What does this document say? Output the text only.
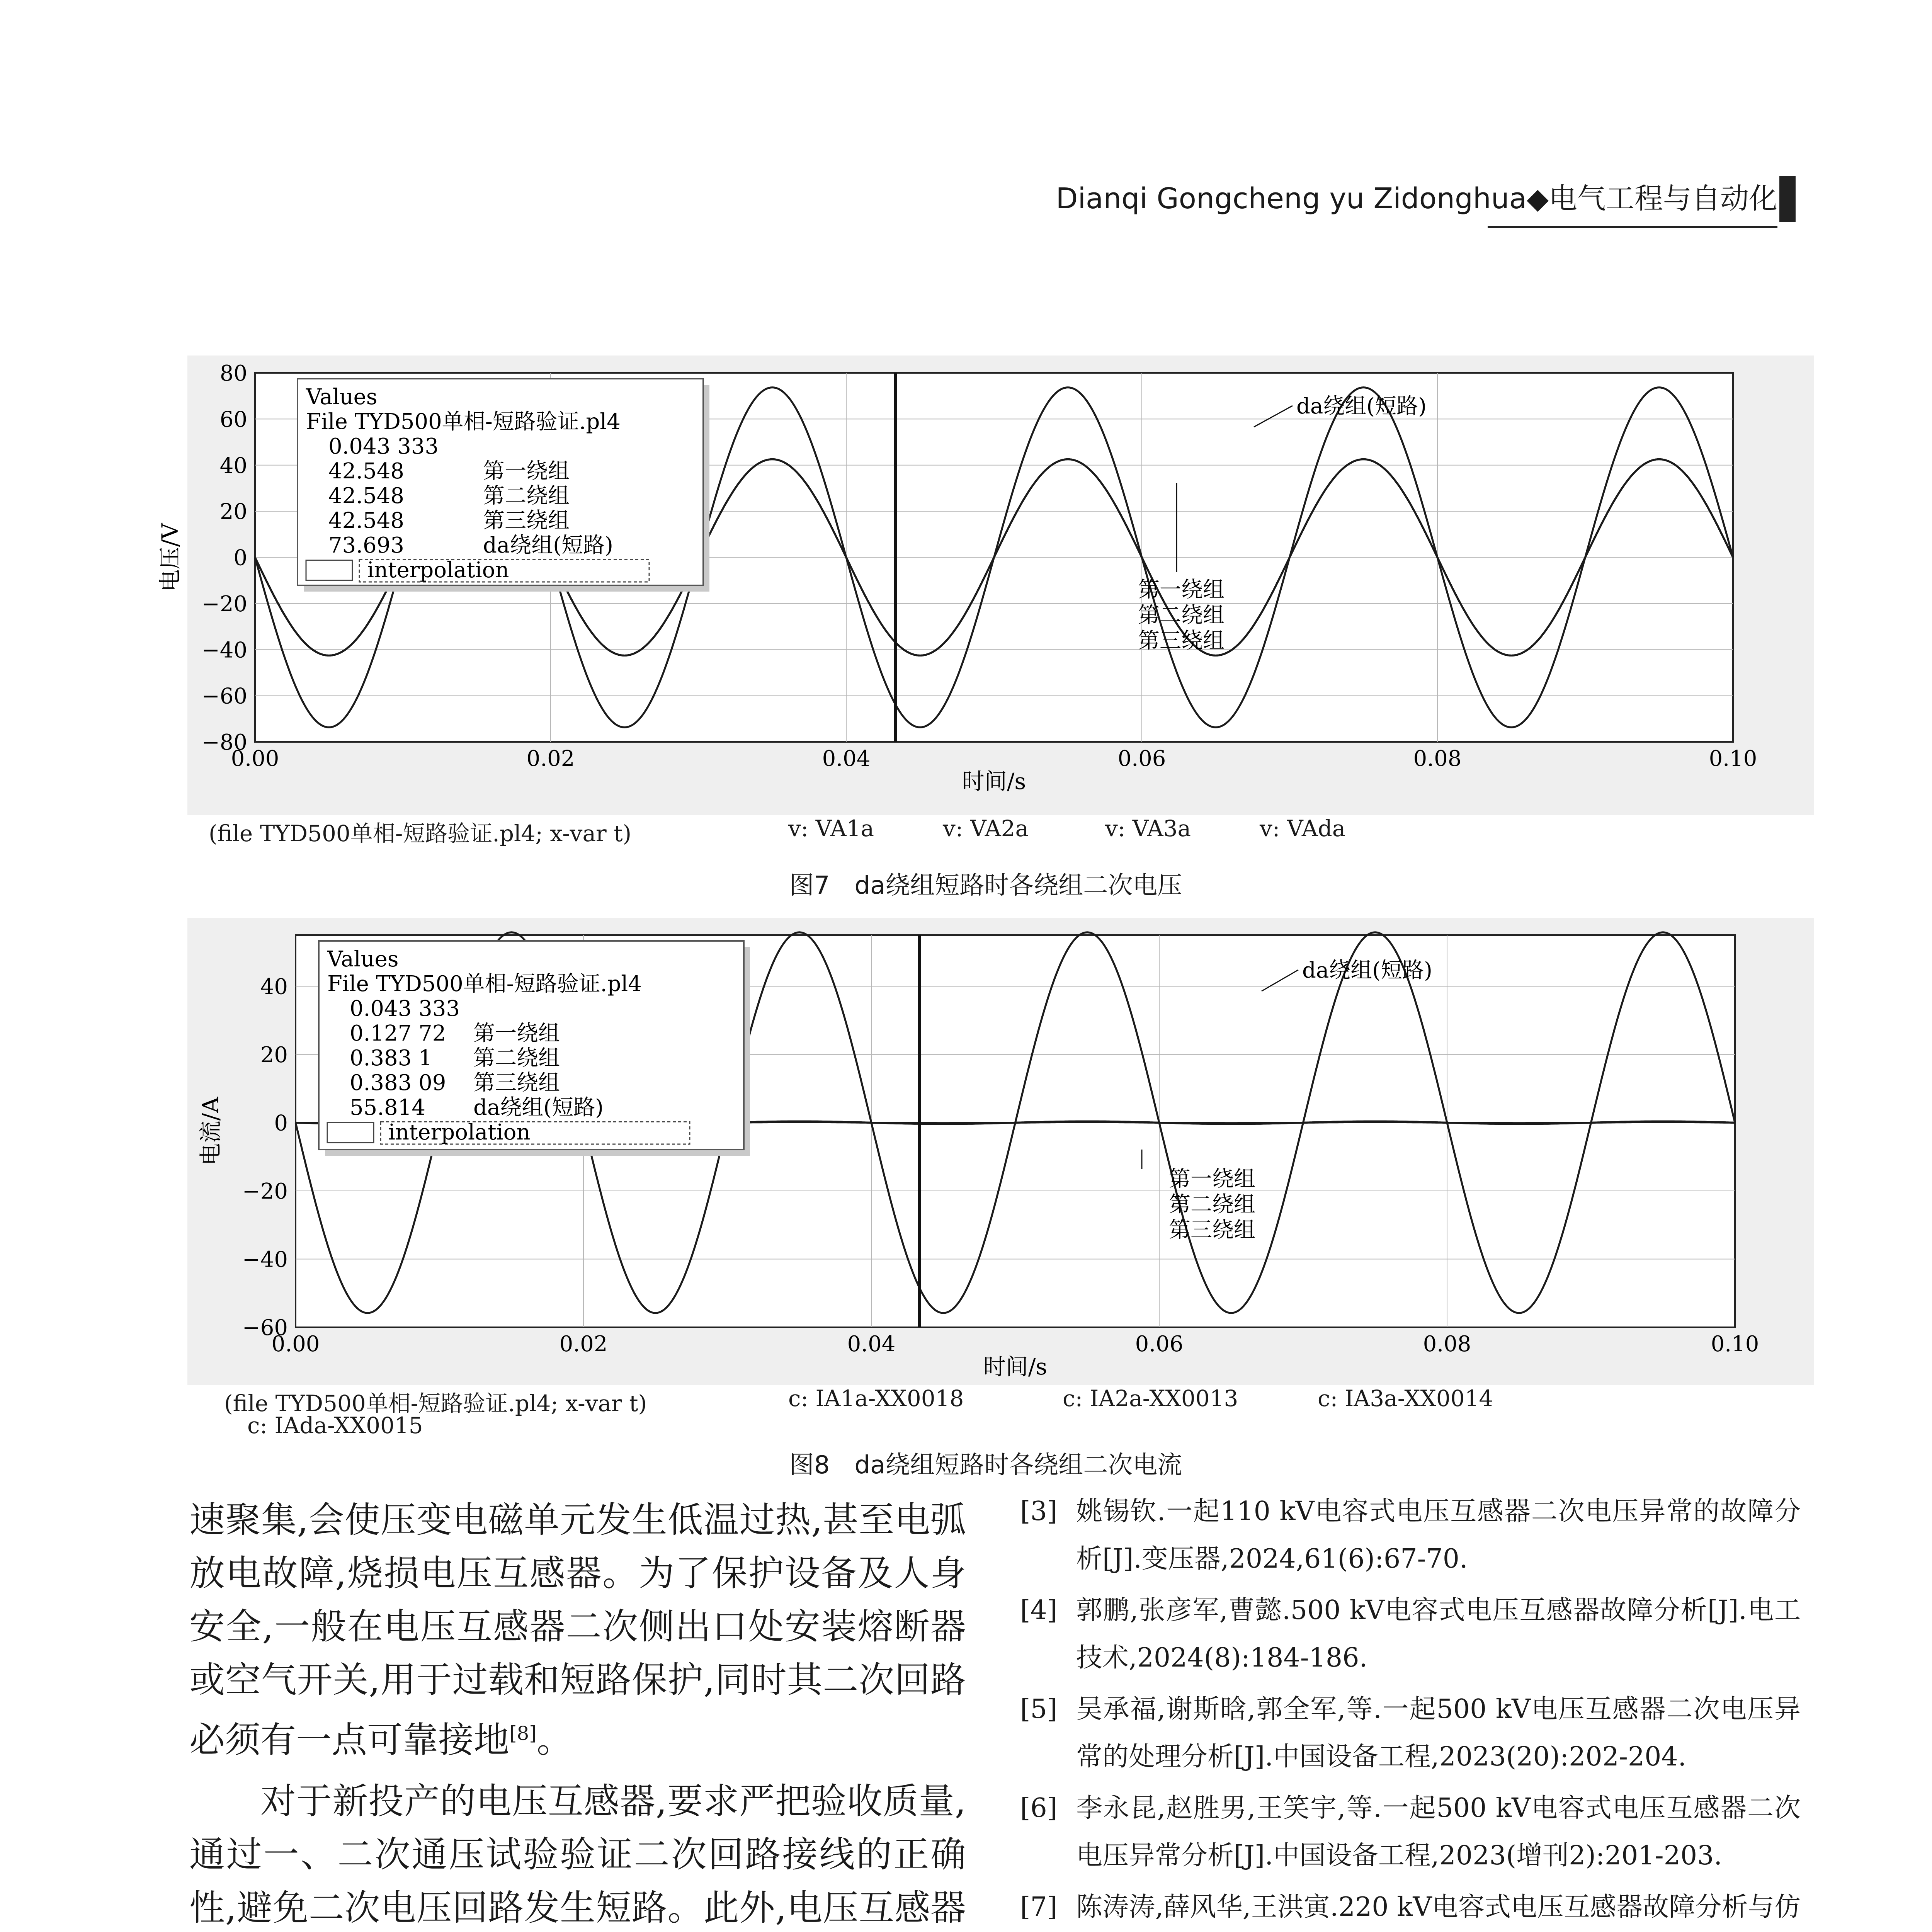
Dianqi Gongcheng yu Zidonghua◆电气工程与自动化
0.00	0.02	0.04	0.06	0.08	0.10
80
60
40
20
0
−20
−40
−60
−80
时间/s
电压/V
da绕组(短路)
第一绕组
第二绕组
第三绕组
Values
File TYD500单相-短路验证.pl4
0.043 333
42.548	第一绕组
42.548	第二绕组
42.548	第三绕组
73.693	da绕组(短路)
interpolation
(file TYD500单相-短路验证.pl4; x-var t)	v: VA1a	v: VA2a	v: VA3a	v: VAda
图7　da绕组短路时各绕组二次电压
0.00	0.02	0.04	0.06	0.08	0.10
40
20
0
−20
−40
−60
时间/s
电流/A
da绕组(短路)
第一绕组
第二绕组
第三绕组
Values
File TYD500单相-短路验证.pl4
0.043 333
0.127 72 第一绕组
0.383 1 第二绕组
0.383 09 第三绕组
55.814 da绕组(短路)
interpolation
(file TYD500单相-短路验证.pl4; x-var t)	c: IA1a-XX0018	c: IA2a-XX0013	c: IA3a-XX0014
c: IAda-XX0015
图8　da绕组短路时各绕组二次电流

速聚集,会使压变电磁单元发生低温过热,甚至电弧放电故障,烧损电压互感器。为了保护设备及人身安全,一般在电压互感器二次侧出口处安装熔断器或空气开关,用于过载和短路保护,同时其二次回路必须有一点可靠接地[8]。

对于新投产的电压互感器,要求严把验收质量,通过一、二次通压试验验证二次回路接线的正确性,避免二次电压回路发生短路。此外,电压互感器

[3] 姚锡钦.一起110 kV电容式电压互感器二次电压异常的故障分析[J].变压器,2024,61(6):67-70.
[4] 郭鹏,张彦军,曹懿.500 kV电容式电压互感器故障分析[J].电工技术,2024(8):184-186.
[5] 吴承福,谢斯晗,郭全军,等.一起500 kV电压互感器二次电压异常的处理分析[J].中国设备工程,2023(20):202-204.
[6] 李永昆,赵胜男,王笑宇,等.一起500 kV电容式电压互感器二次电压异常分析[J].中国设备工程,2023(增刊2):201-203.
[7] 陈涛涛,薛风华,王洪寅.220 kV电容式电压互感器故障分析与仿
